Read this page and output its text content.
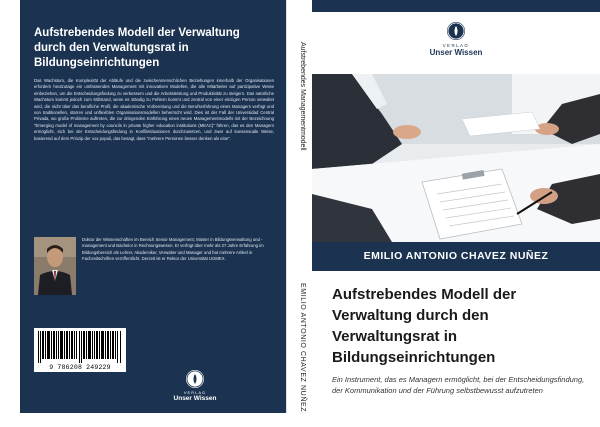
Aufstrebendes Modell der Verwaltung durch den Verwaltungsrat in Bildungseinrichtungen
Das Wachstum, die Komplexität der Abläufe und die zwischenmenschlichen Beziehungen innerhalb der Organisationen erfordern heutzutage ein umfassendes Management mit innovativen Modellen, die alle Mitarbeiter auf partizipative Weise einbeziehen, um die Entscheidungsfindung zu verbessern und die Arbeitsleistung und Produktivität zu steigern. Das natürliche Wachstum kommt jedoch zum Stillstand, wenn es ständig zu Fehlern kommt und zentral von einer einzigen Person verwaltet wird, die nicht über das berufliche Profil, die akademische Vorbereitung und die Berufserfahrung eines Managers verfügt und von traditionellen, starren und unflexiblen Organisationsmodellen beherrscht wird. Dies ist der Fall der Universidad Central Privada, wo große Probleme auftreten, die zur dringenden Einführung eines neuen Managementmodells mit der Bezeichnung "Emerging model of management by councils in private higher education institutions (MEAC)" führen, das es den Managern ermöglicht, sich bei der Entscheidungsfindung in Konfliktsituationen durchzusetzen, und zwar auf konsensuale Weise, basierend auf dem Prinzip der vox populi, das besagt, dass "mehrere Personen besser denken als eine".
Doktor der Wissenschaften im Bereich Senior Management; Master in Bildungsverwaltung und -management und Bachelor in Rechnungswesen. Er verfügt über mehr als 27 Jahre Erfahrung im Bildungsbereich als Lehrer, Akademiker, Verwalter und Manager und hat mehrere Artikel in Fachzeitschriften veröffentlicht. Derzeit ist er Rektor der Universität UGMEX.
9 786208 249229
VERLAG
Unser Wissen
Aufstrebendes Managementmodell
EMILIO ANTONIO CHAVEZ NUÑEZ
VERLAG
Unser Wissen
EMILIO ANTONIO CHAVEZ NUÑEZ
Aufstrebendes Modell der Verwaltung durch den Verwaltungsrat in Bildungseinrichtungen
Ein Instrument, das es Managern ermöglicht, bei der Entscheidungsfindung, der Kommunikation und der Führung selbstbewusst aufzutreten
